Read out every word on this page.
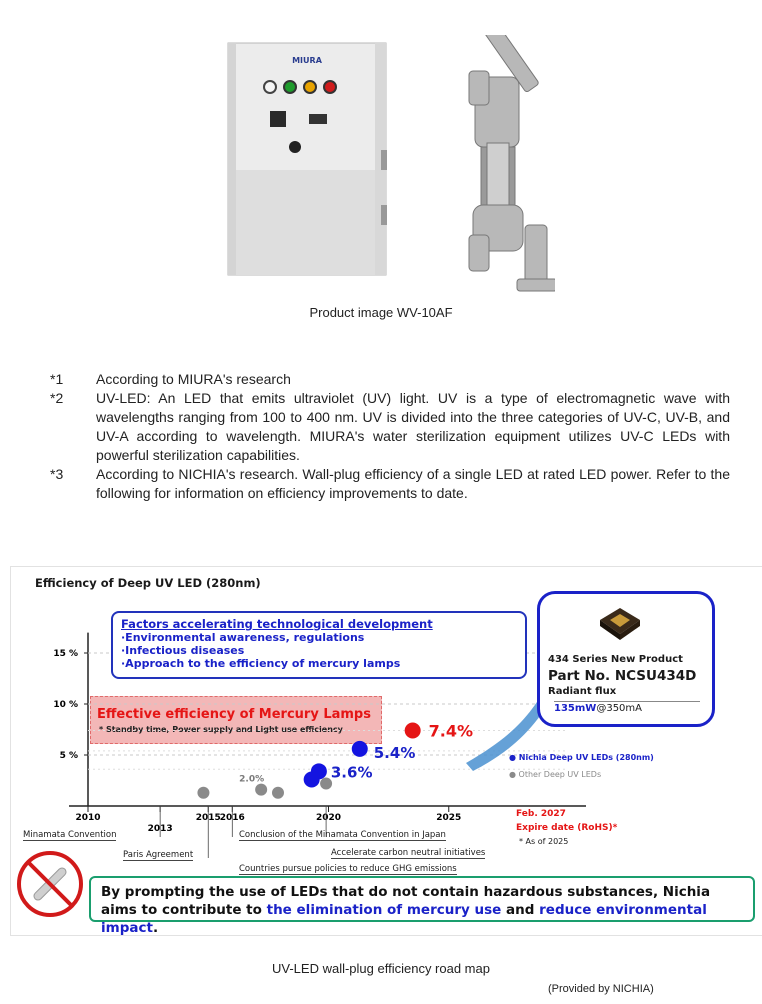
MIURA
Product image WV-10AF
*1	According to MIURA's research
*2	UV-LED: An LED that emits ultraviolet (UV) light. UV is a type of electromagnetic wave with wavelengths ranging from 100 to 400 nm. UV is divided into the three categories of UV-C, UV-B, and UV-A according to wavelength. MIURA's water sterilization equipment utilizes UV-C LEDs with powerful sterilization capabilities.
*3	According to NICHIA's research. Wall-plug efficiency of a single LED at rated LED power. Refer to the following for information on efficiency improvements to date.
Efficiency of Deep UV LED (280nm)
Effective efficiency of Mercury Lamps
* Standby time, Power supply and Light use efficiency
15 %
10 %
5 %
2010	2015
2016	2020	2025
2013
7.4%
5.4%
3.6%
2.0%
Factors accelerating technological development
·Environmental awareness, regulations
·Infectious diseases
·Approach to the efficiency of mercury lamps	434 Series New Product
Part No. NCSU434D
Radiant flux
135mW@350mA
● Nichia Deep UV LEDs (280nm)
● Other Deep UV LEDs
Feb. 2027
Expire date (RoHS)*
* As of 2025
Minamata Convention
Paris Agreement
Conclusion of the Minamata Convention in Japan
Accelerate carbon neutral initiatives
Countries pursue policies to reduce GHG emissions
By prompting the use of LEDs that do not contain hazardous substances, Nichia aims to contribute to the elimination of mercury use and reduce environmental impact.
UV-LED wall-plug efficiency road map
(Provided by NICHIA)
